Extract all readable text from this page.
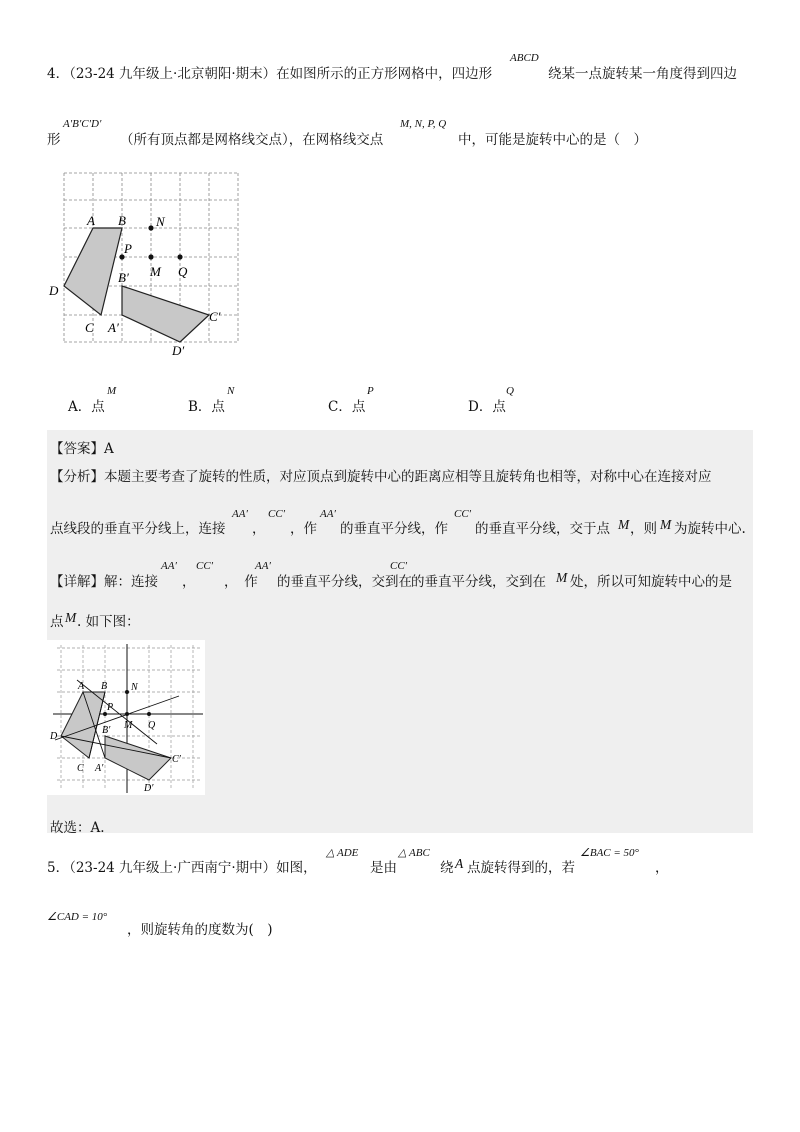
4．（23-24 九年级上·北京朝阳·期末）在如图所示的正方形网格中，四边形
ABCD
绕某一点旋转某一角度得到四边
形
A′B′C′D′
（所有顶点都是网格线交点），在网格线交点
M, N, P, Q
中，可能是旋转中心的是（　）
A B N
P
B′ M Q
D
C A′
C′
D′
A．点
M
B．点
N
C．点
P
D．点
Q
【答案】A
【分析】本题主要考查了旋转的性质，对应顶点到旋转中心的距离应相等且旋转角也相等，对称中心在连接对应
点线段的垂直平分线上，连接
AA′
，
CC′
，作
AA′
的垂直平分线，作
CC′
的垂直平分线，交于点 M ，则 M 为旋转中心.
【详解】解：连接
AA′
，
CC′
，　作
AA′
的垂直平分线，交到在
CC′
的垂直平分线，交到在 M 处，所以可知旋转中心的是
点 M . 如下图：
A B N
P
B′ M Q
D
C A′
C′
D′
故选：A.
5．（23-24 九年级上·广西南宁·期中）如图，
△ ADE
是由
△ ABC
绕 A 点旋转得到的，若
∠BAC = 50°
，
∠CAD = 10°
，则旋转角的度数为(　)
